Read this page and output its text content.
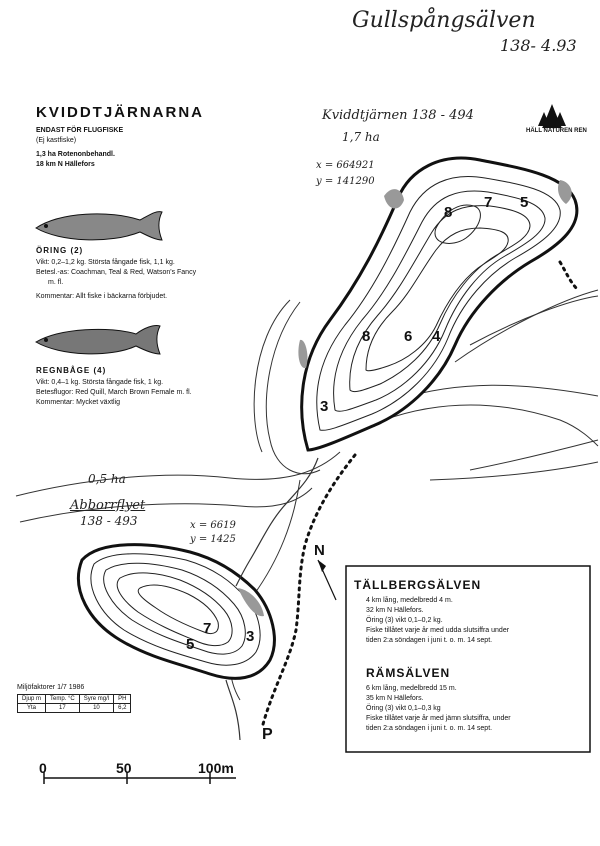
Gullspångsälven
138- 4.93
KVIDDTJÄRNARNA
ENDAST FÖR FLUGFISKE
(Ej kastfiske)
1,3 ha Rotenonbehandl.
18 km N Hällefors
HÄLL NATUREN REN
ÖRING (2)
Vikt: 0,2–1,2 kg. Största fångade fisk, 1,1 kg.
Betesl.-as: Coachman, Teal & Red, Watson's Fancy
m. fl.
Kommentar: Allt fiske i bäckarna förbjudet.
REGNBÅGE (4)
Vikt: 0,4–1 kg. Största fångade fisk, 1 kg.
Betesflugor: Red Quill, March Brown Female m. fl.
Kommentar: Mycket växtlig
Kviddtjärnen 138 - 494
1,7 ha
x = 664921
y = 141290
8
7 5
8 6 4
3
0,5 ha
Abborrflyet
138 - 493	x = 6619
y = 1425
7
5	3
N
P
0	50	100m
Miljöfaktorer 1/7 1986
Djup m	Temp. °C	Syre mg/l	PH
Yta	17	10	6,2
TÄLLBERGSÄLVEN
4 km lång, medelbredd 4 m.
32 km N Hällefors.
Öring (3) vikt 0,1–0,2 kg.
Fiske tillåtet varje år med udda slutsiffra under
tiden 2:a söndagen i juni t. o. m. 14 sept.
RÄMSÄLVEN
6 km lång, medelbredd 15 m.
35 km N Hällefors.
Öring (3) vikt 0,1–0,3 kg
Fiske tillåtet varje år med jämn slutsiffra, under
tiden 2:a söndagen i juni t. o. m. 14 sept.
